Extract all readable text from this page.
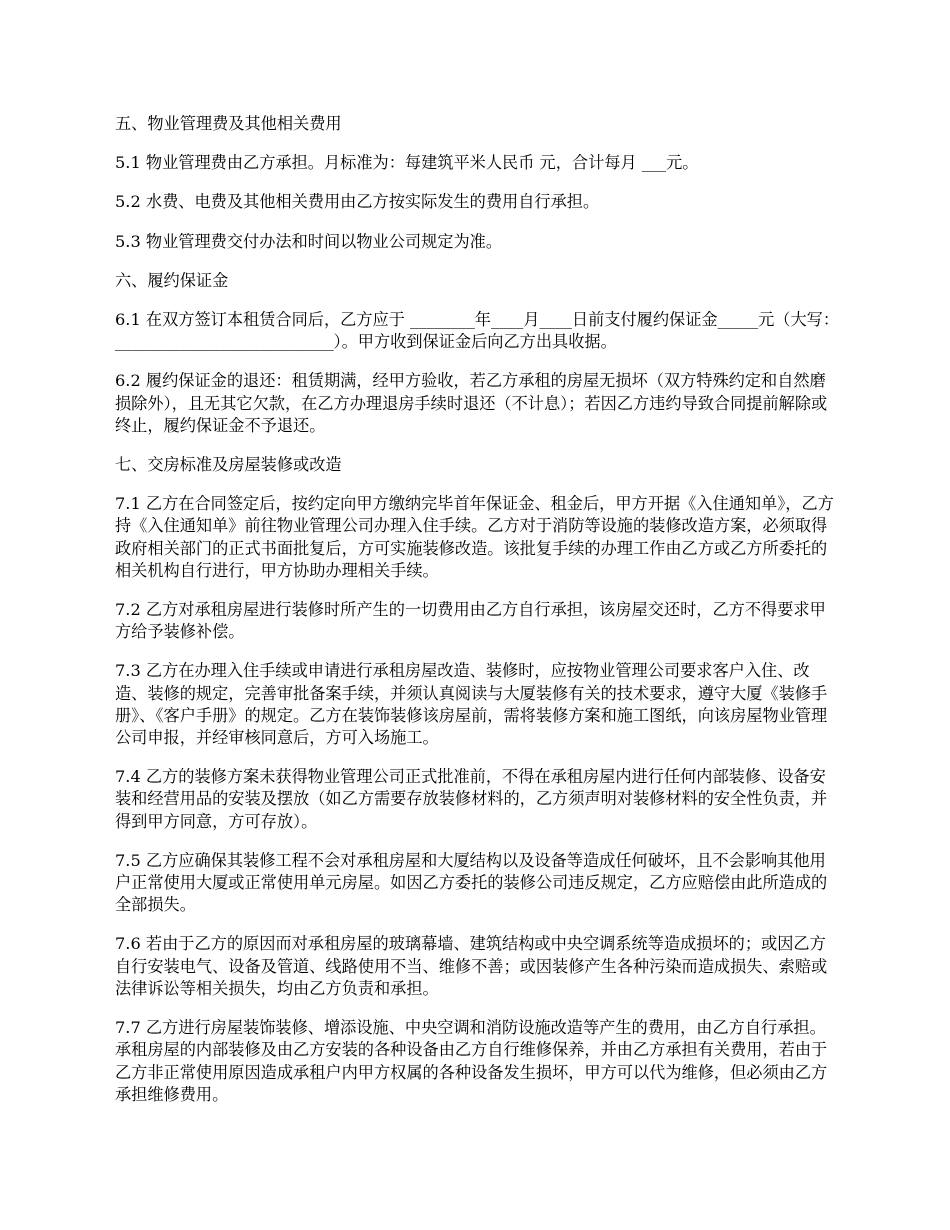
五、物业管理费及其他相关费用

5.1 物业管理费由乙方承担。月标准为：每建筑平米人民币 元，合计每月 ___元。

5.2 水费、电费及其他相关费用由乙方按实际发生的费用自行承担。

5.3 物业管理费交付办法和时间以物业公司规定为准。

六、履约保证金

6.1 在双方签订本租赁合同后，乙方应于 ________年____月____日前支付履约保证金_____元（大写：___________________________）。甲方收到保证金后向乙方出具收据。

6.2 履约保证金的退还：租赁期满，经甲方验收，若乙方承租的房屋无损坏（双方特殊约定和自然磨损除外），且无其它欠款，在乙方办理退房手续时退还（不计息）；若因乙方违约导致合同提前解除或终止，履约保证金不予退还。

七、交房标准及房屋装修或改造

7.1 乙方在合同签定后，按约定向甲方缴纳完毕首年保证金、租金后，甲方开据《入住通知单》，乙方持《入住通知单》前往物业管理公司办理入住手续。乙方对于消防等设施的装修改造方案，必须取得政府相关部门的正式书面批复后，方可实施装修改造。该批复手续的办理工作由乙方或乙方所委托的相关机构自行进行，甲方协助办理相关手续。

7.2 乙方对承租房屋进行装修时所产生的一切费用由乙方自行承担，该房屋交还时，乙方不得要求甲方给予装修补偿。

7.3 乙方在办理入住手续或申请进行承租房屋改造、装修时，应按物业管理公司要求客户入住、改造、装修的规定，完善审批备案手续，并须认真阅读与大厦装修有关的技术要求，遵守大厦《装修手册》、《客户手册》的规定。乙方在装饰装修该房屋前，需将装修方案和施工图纸，向该房屋物业管理公司申报，并经审核同意后，方可入场施工。

7.4 乙方的装修方案未获得物业管理公司正式批准前，不得在承租房屋内进行任何内部装修、设备安装和经营用品的安装及摆放（如乙方需要存放装修材料的，乙方须声明对装修材料的安全性负责，并得到甲方同意，方可存放）。

7.5 乙方应确保其装修工程不会对承租房屋和大厦结构以及设备等造成任何破坏，且不会影响其他用户正常使用大厦或正常使用单元房屋。如因乙方委托的装修公司违反规定，乙方应赔偿由此所造成的全部损失。

7.6 若由于乙方的原因而对承租房屋的玻璃幕墙、建筑结构或中央空调系统等造成损坏的；或因乙方自行安装电气、设备及管道、线路使用不当、维修不善；或因装修产生各种污染而造成损失、索赔或法律诉讼等相关损失，均由乙方负责和承担。

7.7 乙方进行房屋装饰装修、增添设施、中央空调和消防设施改造等产生的费用，由乙方自行承担。承租房屋的内部装修及由乙方安装的各种设备由乙方自行维修保养，并由乙方承担有关费用，若由于乙方非正常使用原因造成承租户内甲方权属的各种设备发生损坏，甲方可以代为维修，但必须由乙方承担维修费用。
